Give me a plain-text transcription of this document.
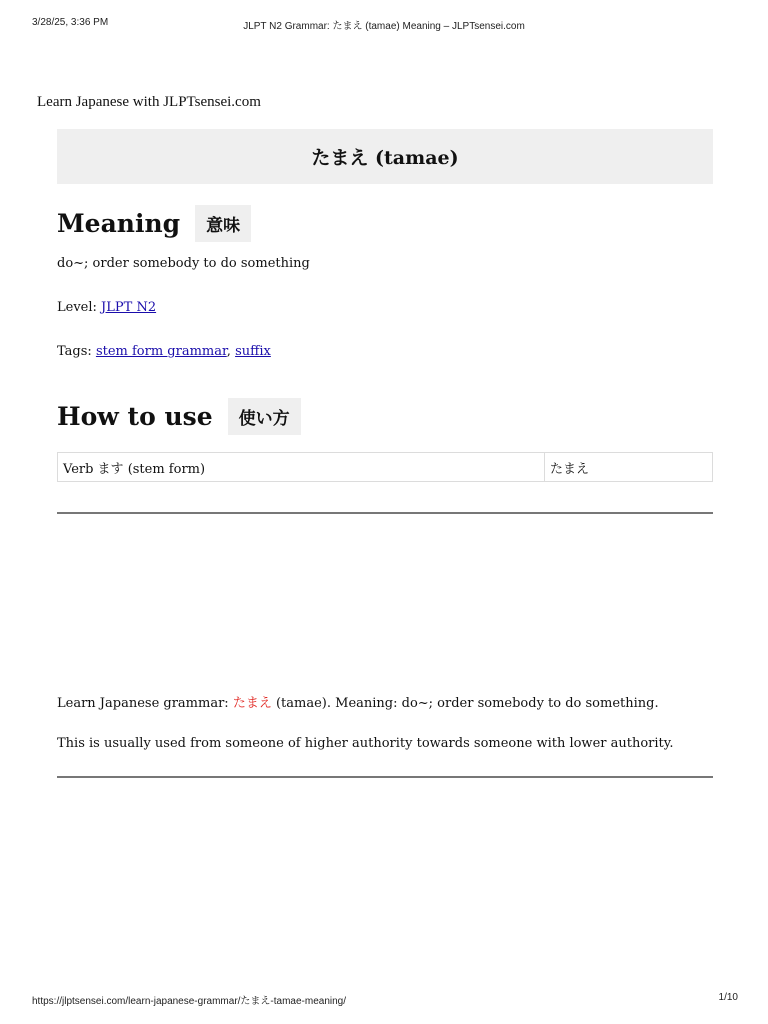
3/28/25, 3:36 PM	JLPT N2 Grammar: たまえ (tamae) Meaning – JLPTsensei.com
Learn Japanese with JLPTsensei.com
たまえ (tamae)
Meaning	意味
do~; order somebody to do something
Level: JLPT N2
Tags: stem form grammar, suffix
How to use	使い方
Verb ます (stem form)	たまえ
Learn Japanese grammar: たまえ (tamae). Meaning: do~; order somebody to do something.
This is usually used from someone of higher authority towards someone with lower authority.
https://jlptsensei.com/learn-japanese-grammar/たまえ-tamae-meaning/	1/10
